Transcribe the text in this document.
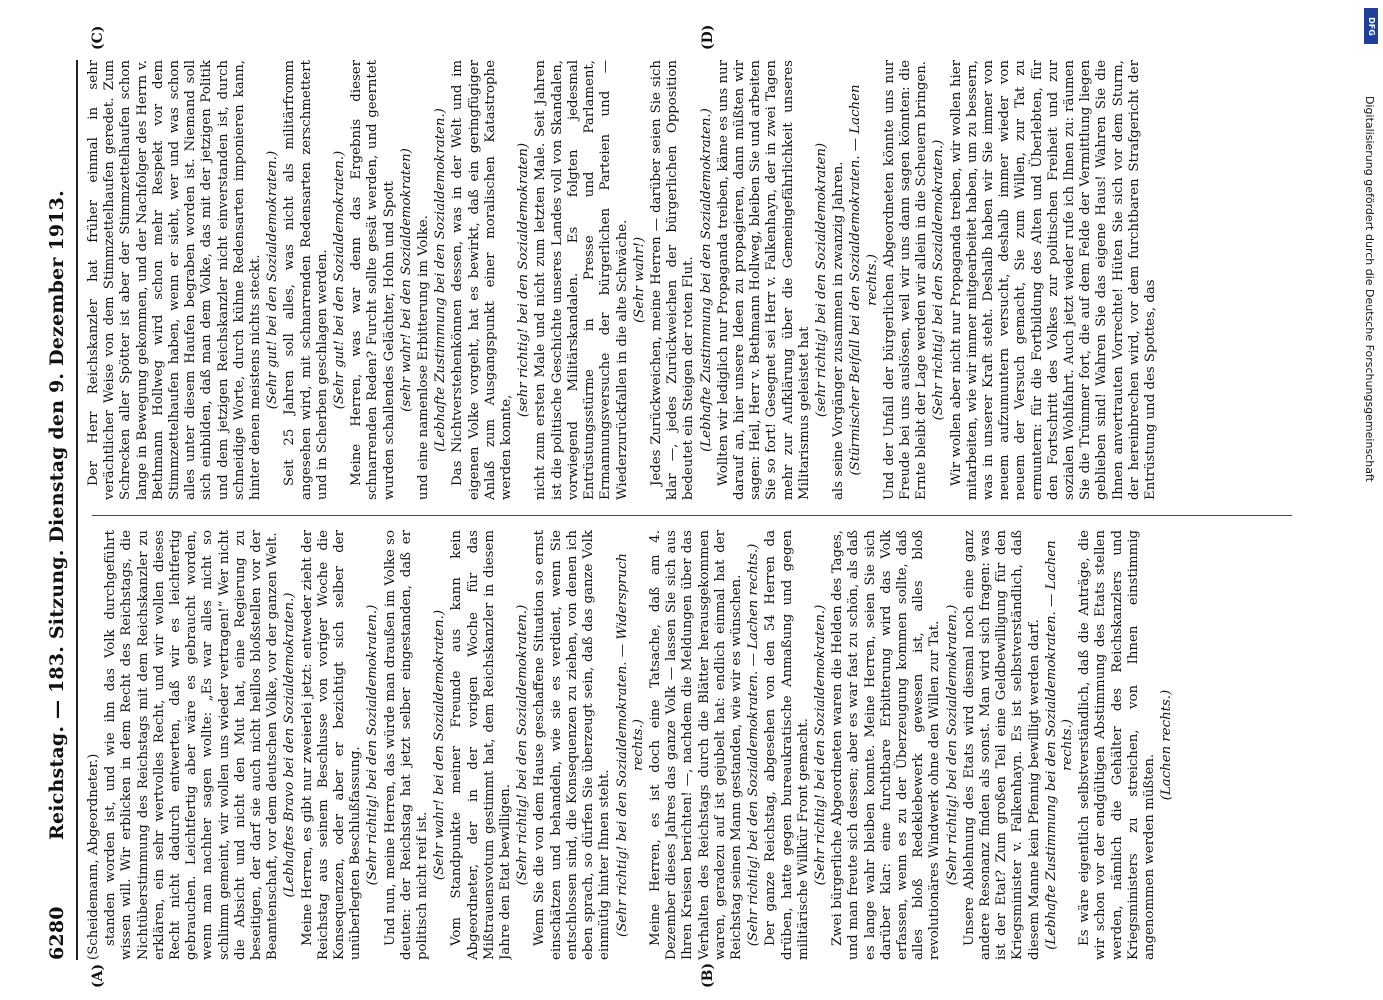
6280
Reichstag. — 183. Sitzung. Dienstag den 9. Dezember 1913.
(A)	(B)
(C)	(D)

(Scheidemann, Abgeordneter.) standen worden ist, und wie ihn das Volk durchgeführt wissen will. Wir erblicken in dem Recht des Reichstags, die Nichtüberstimmung des Reichstags mit dem Reichskanzler zu erklären, ein sehr wertvolles Recht, und wir wollen dieses Recht nicht dadurch entwerten, daß wir es leichtfertig gebrauchen. Leichtfertig aber wäre es gebraucht worden, wenn man nachher sagen wollte: „Es war alles nicht so schlimm gemeint, wir wollen uns wieder vertragen!“ Wer nicht die Absicht und nicht den Mut hat, eine Regierung zu beseitigen, der darf sie auch nicht heillos bloßstellen vor der Beamtenschaft, vor dem deutschen Volke, vor der ganzen Welt. (Lebhaftes Bravo bei den Sozialdemokraten.) Meine Herren, es gibt nur zweierlei jetzt: entweder zieht der Reichstag aus seinem Beschlusse von voriger Woche die Konsequenzen, oder aber er bezichtigt sich selber der unüberlegten Beschlußfassung. (Sehr richtig! bei den Sozialdemokraten.) Und nun, meine Herren, das würde man draußen im Volke so deuten: der Reichstag hat jetzt selber eingestanden, daß er politisch nicht reif ist.

(Sehr wahr! bei den Sozialdemokraten.) Vom Standpunkte meiner Freunde aus kann kein Abgeordneter, der in der vorigen Woche für das Mißtrauensvotum gestimmt hat, dem Reichskanzler in diesem Jahre den Etat bewilligen. (Sehr richtig! bei den Sozialdemokraten.) Wenn Sie die von dem Hause geschaffene Situation so ernst einschätzen und behandeln, wie sie es verdient, wenn Sie entschlossen sind, die Konsequenzen zu ziehen, von denen ich eben sprach, so dürfen Sie überzeugt sein, daß das ganze Volk einmütig hinter Ihnen steht. (Sehr richtig! bei den Sozialdemokraten. — Widerspruch rechts.) Meine Herren, es ist doch eine Tatsache, daß am 4. Dezember dieses Jahres das ganze Volk — lassen Sie sich aus Ihren Kreisen berichten! —, nachdem die Meldungen über das Verhalten des Reichstags durch die Blätter herausgekommen waren, geradezu auf ist gejubelt hat: endlich einmal hat der Reichstag seinen Mann gestanden, wie wir es wünschen. (Sehr richtig! bei den Sozialdemokraten. — Lachen rechts.) Der ganze Reichstag, abgesehen von den 54 Herren da drüben, hatte gegen bureaukratische Anmaßung und gegen militärische Willkür Front gemacht. (Sehr richtig! bei den Sozialdemokraten.) Zwei bürgerliche Abgeordneten waren die Helden des Tages, und man freute sich dessen; aber es war fast zu schön, als daß es lange wahr bleiben konnte. Meine Herren, seien Sie sich darüber klar: eine furchtbare Erbitterung wird das Volk erfassen, wenn es zu der Überzeugung kommen sollte, daß alles bloß Redeklebewerk gewesen ist, alles bloß revolutionäres Windwerk ohne den Willen zur Tat. (Sehr richtig! bei den Sozialdemokraten.) Unsere Ablehnung des Etats wird diesmal noch eine ganz andere Resonanz finden als sonst. Man wird sich fragen: was ist der Etat? Zum großen Teil eine Geldbewilligung für den Kriegsminister v. Falkenhayn. Es ist selbstverständlich, daß diesem Manne kein Pfennig bewilligt werden darf. (Lebhafte Zustimmung bei den Sozialdemokraten. — Lachen rechts.) Es wäre eigentlich selbstverständlich, daß die Anträge, die wir schon vor der endgültigen Abstimmung des Etats stellen werden, nämlich die Gehälter des Reichskanzlers und Kriegsministers zu streichen, von Ihnen einstimmig angenommen werden müßten.

(Lachen rechts.)

Der Herr Reichskanzler hat früher einmal in sehr verächtlicher Weise von dem Stimmzettelhaufen geredet. Zum Schrecken aller Spötter ist aber der Stimmzettelhaufen schon lange in Bewegung gekommen, und der Nachfolger des Herrn v. Bethmann Hollweg wird schon mehr Respekt vor dem Stimmzettelhaufen haben, wenn er sieht, wer und was schon alles unter diesem Haufen begraben worden ist. Niemand soll sich einbilden, daß man dem Volke, das mit der jetzigen Politik und dem jetzigen Reichskanzler nicht einverstanden ist, durch schneidige Worte, durch kühne Redensarten imponieren kann, hinter denen meistens nichts steckt. (Sehr gut! bei den Sozialdemokraten.) Seit 25 Jahren soll alles, was nicht als militärfromm angesehen wird, mit schnarrenden Redensarten zerschmettert und in Scherben geschlagen werden. (Sehr gut! bei den Sozialdemokraten.) Meine Herren, was war denn das Ergebnis dieser schnarrenden Reden? Furcht sollte gesät werden, und geerntet wurden schallendes Gelächter, Hohn und Spott (sehr wahr! bei den Sozialdemokraten) und eine namenlose Erbitterung im Volke. (Lebhafte Zustimmung bei den Sozialdemokraten.) Das Nichtverstehenkönnen dessen, was in der Welt und im eigenen Volke vorgeht, hat es bewirkt, daß ein geringfügiger Anlaß zum Ausgangspunkt einer moralischen Katastrophe werden konnte,

(sehr richtig! bei den Sozialdemokraten) nicht zum ersten Male und nicht zum letzten Male. Seit Jahren ist die politische Geschichte unseres Landes voll von Skandalen, vorwiegend Militärskandalen. Es folgten jedesmal Entrüstungsstürme in Presse und Parlament, Ermannungsversuche der bürgerlichen Parteien und — Wiederzurückfallen in die alte Schwäche. (Sehr wahr!) Jedes Zurückweichen, meine Herren — darüber seien Sie sich klar —, jedes Zurückweichen der bürgerlichen Opposition bedeutet ein Steigen der roten Flut. (Lebhafte Zustimmung bei den Sozialdemokraten.) Wollten wir lediglich nur Propaganda treiben, käme es uns nur darauf an, hier unsere Ideen zu propagieren, dann müßten wir sagen: Heil, Herr v. Bethmann Hollweg, bleiben Sie und arbeiten Sie so fort! Gesegnet sei Herr v. Falkenhayn, der in zwei Tagen mehr zur Aufklärung über die Gemeingefährlichkeit unseres Militarismus geleistet hat (sehr richtig! bei den Sozialdemokraten) als seine Vorgänger zusammen in zwanzig Jahren. (Stürmischer Beifall bei den Sozialdemokraten. — Lachen rechts.) Und der Unfall der bürgerlichen Abgeordneten könnte uns nur Freude bei uns auslösen, weil wir uns dann sagen könnten: die Ernte bleibt der Lage werden wir allein in die Scheuern bringen. (Sehr richtig! bei den Sozialdemokraten.) Wir wollen aber nicht nur Propaganda treiben, wir wollen hier mitarbeiten, wie wir immer mitgearbeitet haben, um zu bessern, was in unserer Kraft steht. Deshalb haben wir Sie immer von neuem aufzumuntern versucht, deshalb immer wieder von neuem der Versuch gemacht, Sie zum Willen, zur Tat zu ermuntern: für die Fortbildung des Alten und Überlebten, für den Fortschritt des Volkes zur politischen Freiheit und zur sozialen Wohlfahrt. Auch jetzt wieder rufe ich Ihnen zu: räumen Sie die Trümmer fort, die auf dem Felde der Vermittlung liegen geblieben sind! Wahren Sie das eigene Haus! Wahren Sie die Ihnen anvertrauten Vorrechte! Hüten Sie sich vor dem Sturm, der hereinbrechen wird, vor dem furchtbaren Strafgericht der Entrüstung und des Spottes, das

DFG
Digitalisierung gefördert durch die Deutsche Forschungsgemeinschaft
